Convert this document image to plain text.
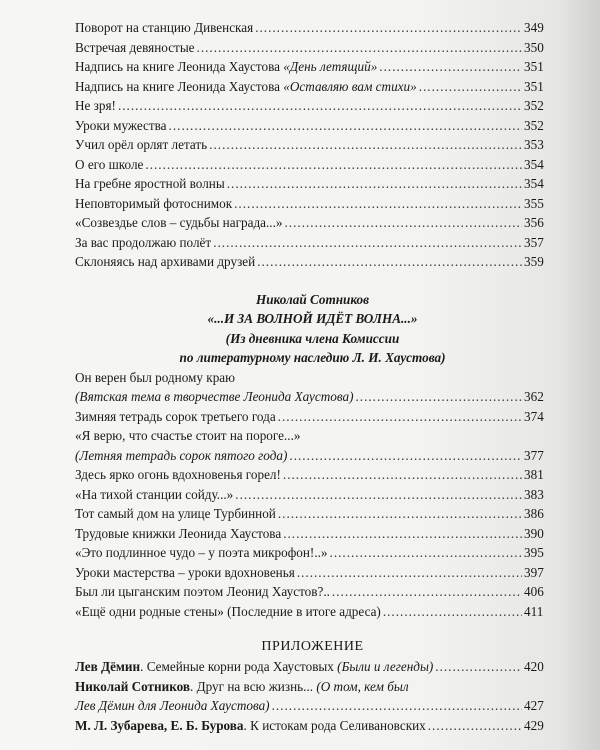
Поворот на станцию Дивенская .....	349
Встречая девяностые .....	350
Надпись на книге Леонида Хаустова «День летящий» .....	351
Надпись на книге Леонида Хаустова «Оставляю вам стихи» .....	351
Не зря! .....	352
Уроки мужества .....	352
Учил орёл орлят летать .....	353
О его школе .....	354
На гребне яростной волны .....	354
Неповторимый фотоснимок .....	355
«Созвездье слов – судьбы награда...» .....	356
За вас продолжаю полёт .....	357
Склоняясь над архивами друзей .....	359
Николай Сотников
«...И ЗА ВОЛНОЙ ИДЁТ ВОЛНА...»
(Из дневника члена Комиссии
по литературному наследию Л. И. Хаустова)
Он верен был родному краю
(Вятская тема в творчестве Леонида Хаустова) .....	362
Зимняя тетрадь сорок третьего года .....	374
«Я верю, что счастье стоит на пороге...»
(Летняя тетрадь сорок пятого года) .....	377
Здесь ярко огонь вдохновенья горел! .....	381
«На тихой станции сойду...» .....	383
Тот самый дом на улице Турбинной .....	386
Трудовые книжки Леонида Хаустова .....	390
«Это подлинное чудо – у поэта микрофон!..» .....	395
Уроки мастерства – уроки вдохновенья .....	397
Был ли цыганским поэтом Леонид Хаустов?.. .....	406
«Ещё одни родные стены» (Последние в итоге адреса) .....	411
ПРИЛОЖЕНИЕ
Лев Дёмин. Семейные корни рода Хаустовых (Были и легенды) .....	420
Николай Сотников. Друг на всю жизнь... (О том, кем был
Лев Дёмин для Леонида Хаустова) .....	427
М. Л. Зубарева, Е. Б. Бурова. К истокам рода Селивановских .....	429
